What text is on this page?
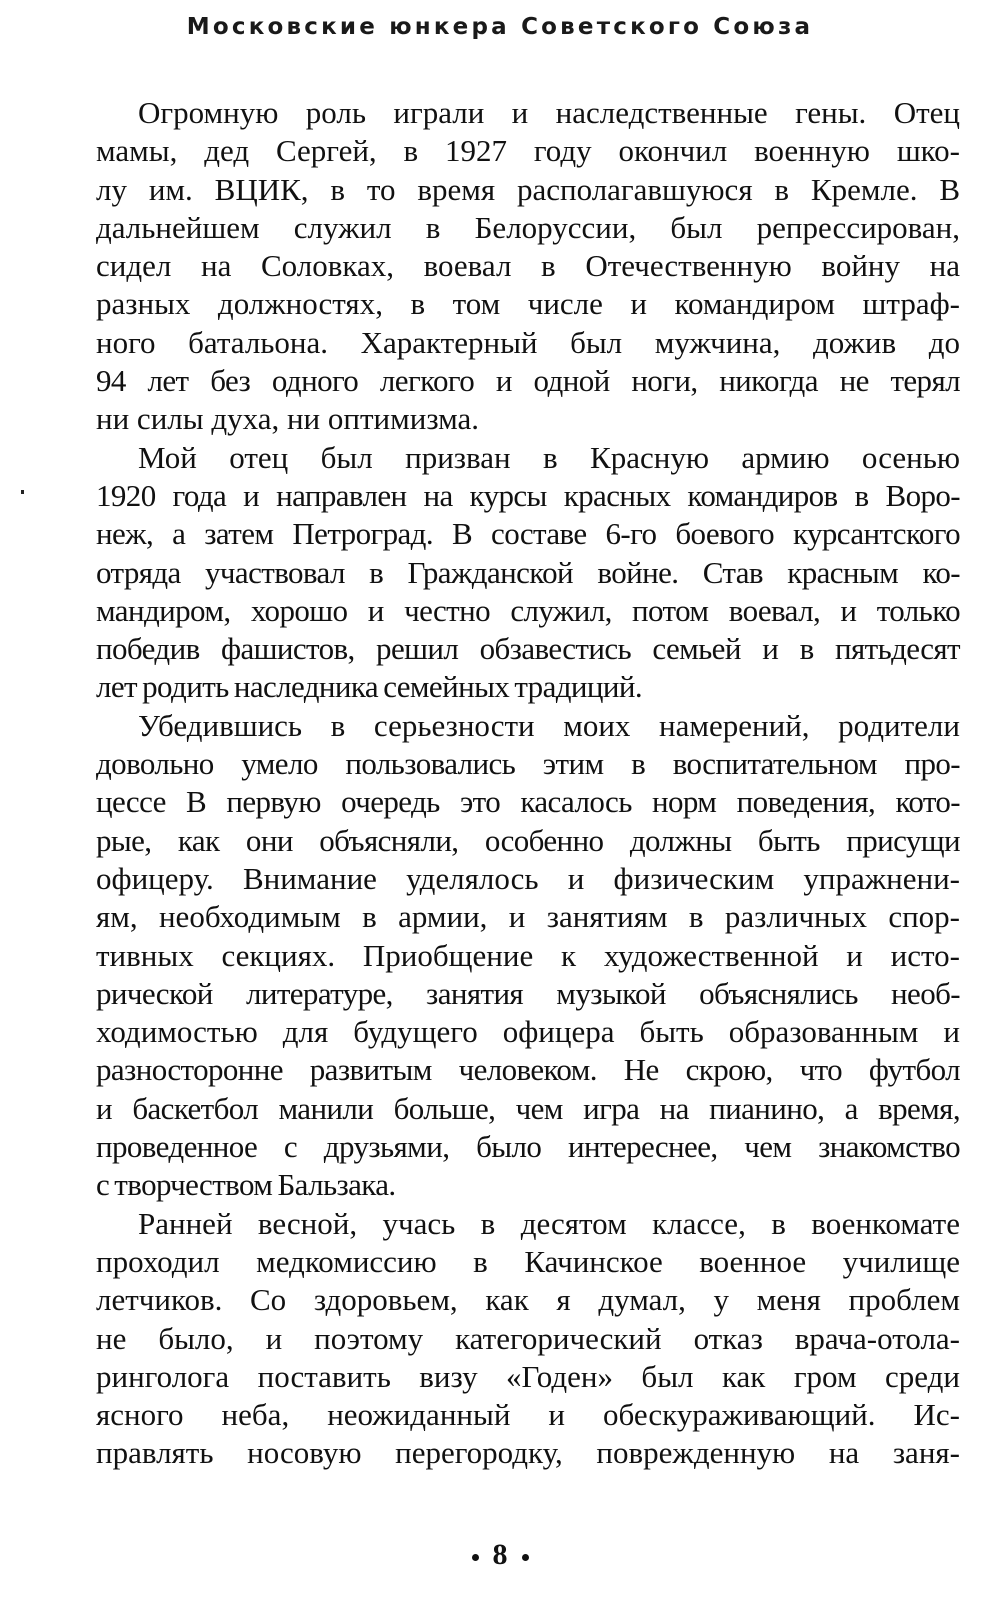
Московские юнкера Советского Союза
Огромную роль играли и наследственные гены. Отец
мамы, дед Сергей, в 1927 году окончил военную шко-
лу им. ВЦИК, в то время располагавшуюся в Кремле. В
дальнейшем служил в Белоруссии, был репрессирован,
сидел на Соловках, воевал в Отечественную войну на
разных должностях, в том числе и командиром штраф-
ного батальона. Характерный был мужчина, дожив до
94 лет без одного легкого и одной ноги, никогда не терял
ни силы духа, ни оптимизма.
Мой отец был призван в Красную армию осенью
1920 года и направлен на курсы красных командиров в Воро-
неж, а затем Петроград. В составе 6-го боевого курсантского
отряда участвовал в Гражданской войне. Став красным ко-
мандиром, хорошо и честно служил, потом воевал, и только
победив фашистов, решил обзавестись семьей и в пятьдесят
лет родить наследника семейных традиций.
Убедившись в серьезности моих намерений, родители
довольно умело пользовались этим в воспитательном про-
цессе В первую очередь это касалось норм поведения, кото-
рые, как они объясняли, особенно должны быть присущи
офицеру. Внимание уделялось и физическим упражнени-
ям, необходимым в армии, и занятиям в различных спор-
тивных секциях. Приобщение к художественной и исто-
рической литературе, занятия музыкой объяснялись необ-
ходимостью для будущего офицера быть образованным и
разносторонне развитым человеком. Не скрою, что футбол
и баскетбол манили больше, чем игра на пианино, а время,
проведенное с друзьями, было интереснее, чем знакомство
с творчеством Бальзака.
Ранней весной, учась в десятом классе, в военкомате
проходил медкомиссию в Качинское военное училище
летчиков. Со здоровьем, как я думал, у меня проблем
не было, и поэтому категорический отказ врача-отола-
ринголога поставить визу «Годен» был как гром среди
ясного неба, неожиданный и обескураживающий. Ис-
правлять носовую перегородку, поврежденную на заня-
8
